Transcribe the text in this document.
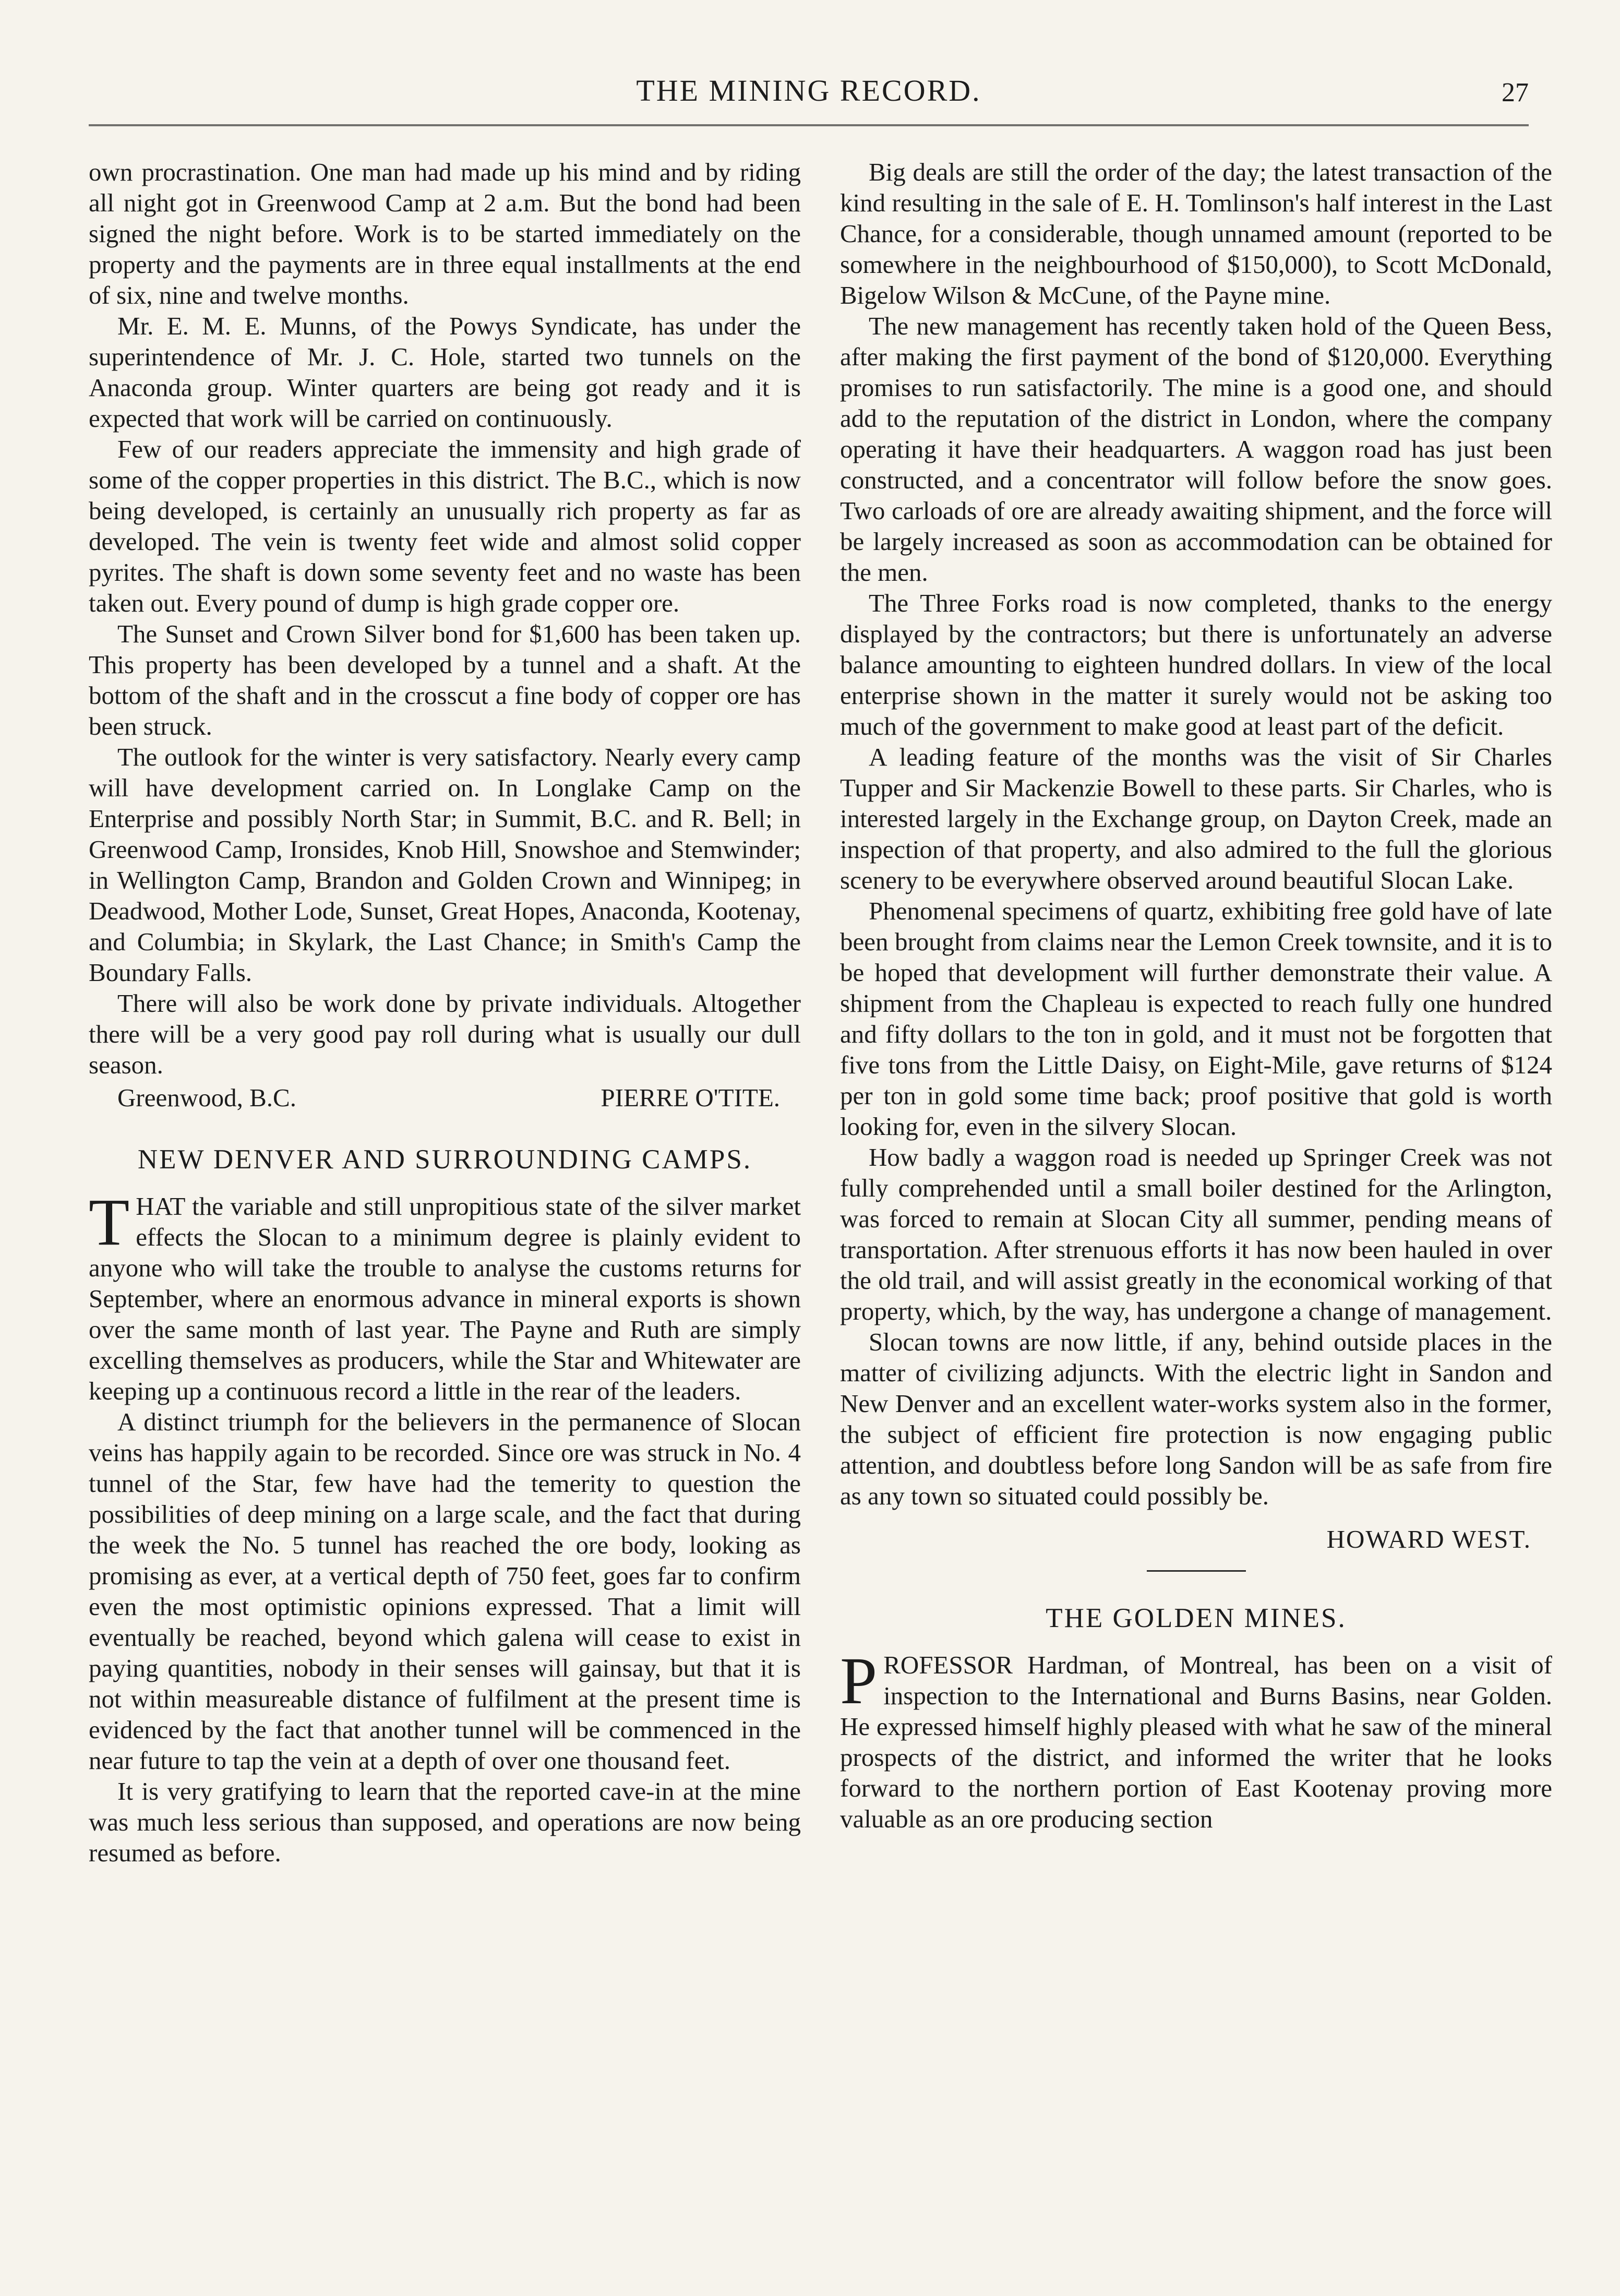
THE MINING RECORD.	27

own procrastination. One man had made up his mind and by riding all night got in Greenwood Camp at 2 a.m. But the bond had been signed the night before. Work is to be started immediately on the property and the payments are in three equal installments at the end of six, nine and twelve months.

Mr. E. M. E. Munns, of the Powys Syndicate, has under the superintendence of Mr. J. C. Hole, started two tunnels on the Anaconda group. Winter quarters are being got ready and it is expected that work will be carried on continuously.

Few of our readers appreciate the immensity and high grade of some of the copper properties in this district. The B.C., which is now being developed, is certainly an unusually rich property as far as developed. The vein is twenty feet wide and almost solid copper pyrites. The shaft is down some seventy feet and no waste has been taken out. Every pound of dump is high grade copper ore.

The Sunset and Crown Silver bond for $1,600 has been taken up. This property has been developed by a tunnel and a shaft. At the bottom of the shaft and in the crosscut a fine body of copper ore has been struck.

The outlook for the winter is very satisfactory. Nearly every camp will have development carried on. In Longlake Camp on the Enterprise and possibly North Star; in Summit, B.C. and R. Bell; in Greenwood Camp, Ironsides, Knob Hill, Snowshoe and Stemwinder; in Wellington Camp, Brandon and Golden Crown and Winnipeg; in Deadwood, Mother Lode, Sunset, Great Hopes, Anaconda, Kootenay, and Columbia; in Skylark, the Last Chance; in Smith's Camp the Boundary Falls.

There will also be work done by private individuals. Altogether there will be a very good pay roll during what is usually our dull season.

Greenwood, B.C.	PIERRE O'TITE.
NEW DENVER AND SURROUNDING CAMPS.

THAT the variable and still unpropitious state of the silver market effects the Slocan to a minimum degree is plainly evident to anyone who will take the trouble to analyse the customs returns for September, where an enormous advance in mineral exports is shown over the same month of last year. The Payne and Ruth are simply excelling themselves as producers, while the Star and Whitewater are keeping up a continuous record a little in the rear of the leaders.

A distinct triumph for the believers in the permanence of Slocan veins has happily again to be recorded. Since ore was struck in No. 4 tunnel of the Star, few have had the temerity to question the possibilities of deep mining on a large scale, and the fact that during the week the No. 5 tunnel has reached the ore body, looking as promising as ever, at a vertical depth of 750 feet, goes far to confirm even the most optimistic opinions expressed. That a limit will eventually be reached, beyond which galena will cease to exist in paying quantities, nobody in their senses will gainsay, but that it is not within measureable distance of fulfilment at the present time is evidenced by the fact that another tunnel will be commenced in the near future to tap the vein at a depth of over one thousand feet.

It is very gratifying to learn that the reported cave-in at the mine was much less serious than supposed, and operations are now being resumed as before.

Big deals are still the order of the day; the latest transaction of the kind resulting in the sale of E. H. Tomlinson's half interest in the Last Chance, for a considerable, though unnamed amount (reported to be somewhere in the neighbourhood of $150,000), to Scott McDonald, Bigelow Wilson & McCune, of the Payne mine.

The new management has recently taken hold of the Queen Bess, after making the first payment of the bond of $120,000. Everything promises to run satisfactorily. The mine is a good one, and should add to the reputation of the district in London, where the company operating it have their headquarters. A waggon road has just been constructed, and a concentrator will follow before the snow goes. Two carloads of ore are already awaiting shipment, and the force will be largely increased as soon as accommodation can be obtained for the men.

The Three Forks road is now completed, thanks to the energy displayed by the contractors; but there is unfortunately an adverse balance amounting to eighteen hundred dollars. In view of the local enterprise shown in the matter it surely would not be asking too much of the government to make good at least part of the deficit.

A leading feature of the months was the visit of Sir Charles Tupper and Sir Mackenzie Bowell to these parts. Sir Charles, who is interested largely in the Exchange group, on Dayton Creek, made an inspection of that property, and also admired to the full the glorious scenery to be everywhere observed around beautiful Slocan Lake.

Phenomenal specimens of quartz, exhibiting free gold have of late been brought from claims near the Lemon Creek townsite, and it is to be hoped that development will further demonstrate their value. A shipment from the Chapleau is expected to reach fully one hundred and fifty dollars to the ton in gold, and it must not be forgotten that five tons from the Little Daisy, on Eight-Mile, gave returns of $124 per ton in gold some time back; proof positive that gold is worth looking for, even in the silvery Slocan.

How badly a waggon road is needed up Springer Creek was not fully comprehended until a small boiler destined for the Arlington, was forced to remain at Slocan City all summer, pending means of transportation. After strenuous efforts it has now been hauled in over the old trail, and will assist greatly in the economical working of that property, which, by the way, has undergone a change of management.

Slocan towns are now little, if any, behind outside places in the matter of civilizing adjuncts. With the electric light in Sandon and New Denver and an excellent water-works system also in the former, the subject of efficient fire protection is now engaging public attention, and doubtless before long Sandon will be as safe from fire as any town so situated could possibly be.

HOWARD WEST.
THE GOLDEN MINES.

PROFESSOR Hardman, of Montreal, has been on a visit of inspection to the International and Burns Basins, near Golden. He expressed himself highly pleased with what he saw of the mineral prospects of the district, and informed the writer that he looks forward to the northern portion of East Kootenay proving more valuable as an ore producing section
